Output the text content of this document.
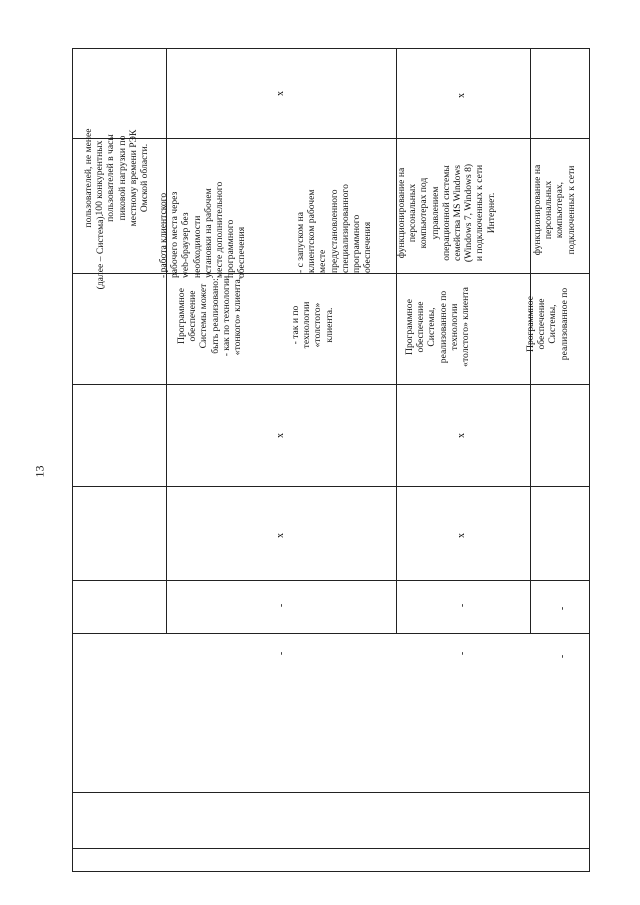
13
(далее – Система).
пользователей, не менее
100 конкурентных
пользователей в часы
пиковой нагрузки по
местному времени РЭК
Омской области.
Программное
обеспечение
Системы может
быть реализовано:
- как по технологии
«тонкого» клиента,
- так и по
технологии
«толстого»
клиента.
- работа клиентского
рабочего места через
web-браузер без
необходимости
установки на рабочем
месте дополнительного
программного
обеспечения	- с запуском на
клиентском рабочем
месте
предустановленного
специализированного
программного
обеспечения
x
x
x
-
-
Программное
обеспечение
Системы,
реализованное по
технологии
«толстого» клиента
функционирование на
персональных
компьютерах под
управлением
операционной системы
семейства MS Windows
(Windows 7, Windows 8)
и подключенных к сети
Интернет.
x
x
x
-
-
Программное
обеспечение
Системы,
реализованное по
функционирование на
персональных
компьютерах,
подключенных к сети
-
-
